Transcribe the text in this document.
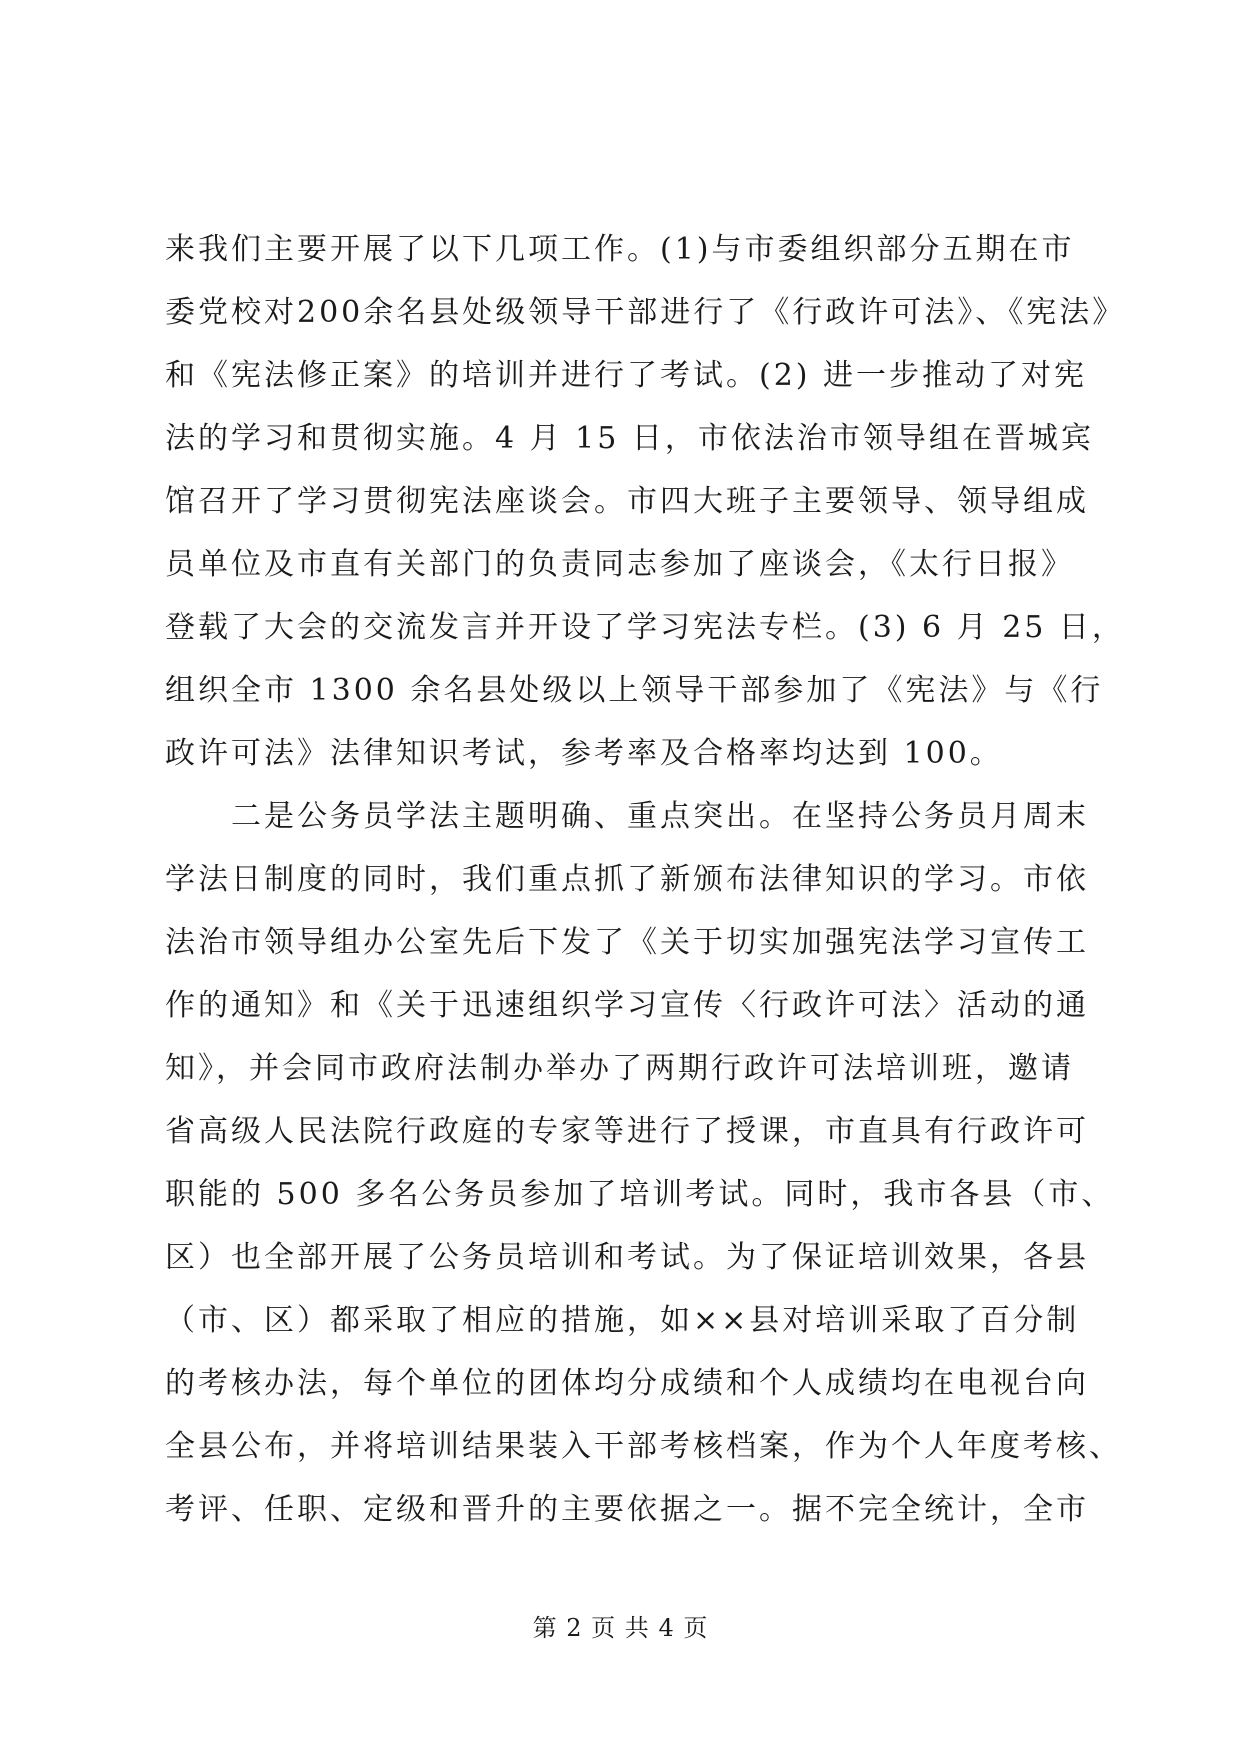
来我们主要开展了以下几项工作。(1)与市委组织部分五期在市
委党校对200余名县处级领导干部进行了《行政许可法》、《宪法》
和《宪法修正案》的培训并进行了考试。(2) 进一步推动了对宪
法的学习和贯彻实施。4 月 15 日，市依法治市领导组在晋城宾
馆召开了学习贯彻宪法座谈会。市四大班子主要领导、领导组成
员单位及市直有关部门的负责同志参加了座谈会，《太行日报》
登载了大会的交流发言并开设了学习宪法专栏。(3) 6 月 25 日，
组织全市 1300 余名县处级以上领导干部参加了《宪法》与《行
政许可法》法律知识考试，参考率及合格率均达到 100。
　　二是公务员学法主题明确、重点突出。在坚持公务员月周末
学法日制度的同时，我们重点抓了新颁布法律知识的学习。市依
法治市领导组办公室先后下发了《关于切实加强宪法学习宣传工
作的通知》和《关于迅速组织学习宣传〈行政许可法〉活动的通
知》，并会同市政府法制办举办了两期行政许可法培训班，邀请
省高级人民法院行政庭的专家等进行了授课，市直具有行政许可
职能的 500 多名公务员参加了培训考试。同时，我市各县（市、
区）也全部开展了公务员培训和考试。为了保证培训效果，各县
（市、区）都采取了相应的措施，如××县对培训采取了百分制
的考核办法，每个单位的团体均分成绩和个人成绩均在电视台向
全县公布，并将培训结果装入干部考核档案，作为个人年度考核、
考评、任职、定级和晋升的主要依据之一。据不完全统计，全市
第 2 页 共 4 页
